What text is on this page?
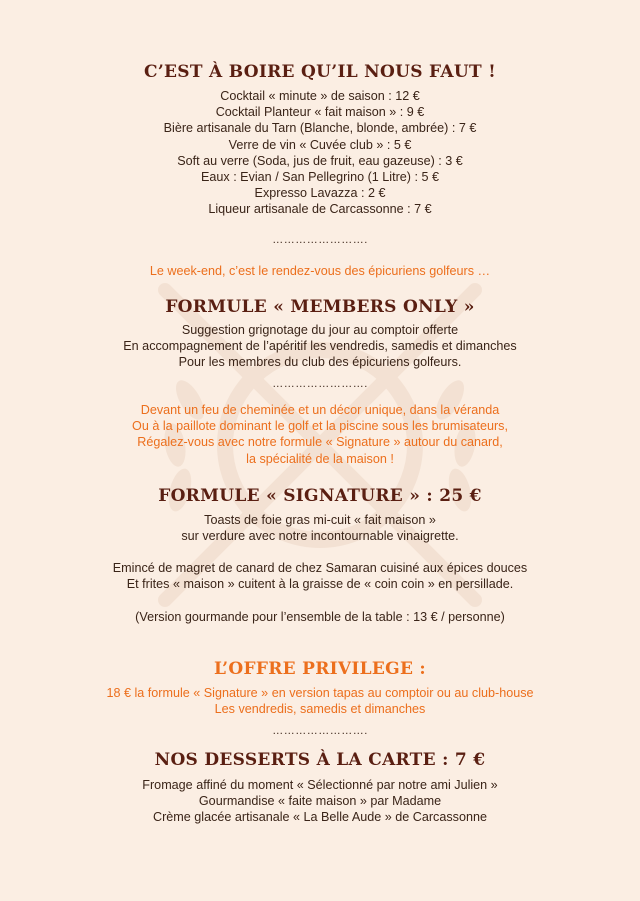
C’EST À BOIRE QU’IL NOUS FAUT !

Cocktail « minute » de saison : 12 €

Cocktail Planteur « fait maison » : 9 €

Bière artisanale du Tarn (Blanche, blonde, ambrée) : 7 €

Verre de vin « Cuvée club » : 5 €

Soft au verre (Soda, jus de fruit, eau gazeuse) : 3 €

Eaux : Evian / San Pellegrino (1 Litre) : 5 €

Expresso Lavazza : 2 €

Liqueur artisanale de Carcassonne : 7 €

…………………….

Le week-end, c’est le rendez-vous des épicuriens golfeurs …

FORMULE « MEMBERS ONLY »

Suggestion grignotage du jour au comptoir offerte

En accompagnement de l’apéritif les vendredis, samedis et dimanches

Pour les membres du club des épicuriens golfeurs.

…………………….

Devant un feu de cheminée et un décor unique, dans la véranda

Ou à la paillote dominant le golf et la piscine sous les brumisateurs,

Régalez-vous avec notre formule « Signature » autour du canard,

la spécialité de la maison !

FORMULE « SIGNATURE » : 25 €

Toasts de foie gras mi-cuit « fait maison »

sur verdure avec notre incontournable vinaigrette.

Emincé de magret de canard de chez Samaran cuisiné aux épices douces

Et frites « maison » cuitent à la graisse de « coin coin » en persillade.

(Version gourmande pour l’ensemble de la table : 13 € / personne)

L’OFFRE PRIVILEGE :

18 € la formule « Signature » en version tapas au comptoir ou au club-house

Les vendredis, samedis et dimanches

…………………….
NOS DESSERTS À LA CARTE : 7 €

Fromage affiné du moment « Sélectionné par notre ami Julien »

Gourmandise « faite maison » par Madame

Crème glacée artisanale « La Belle Aude » de Carcassonne
